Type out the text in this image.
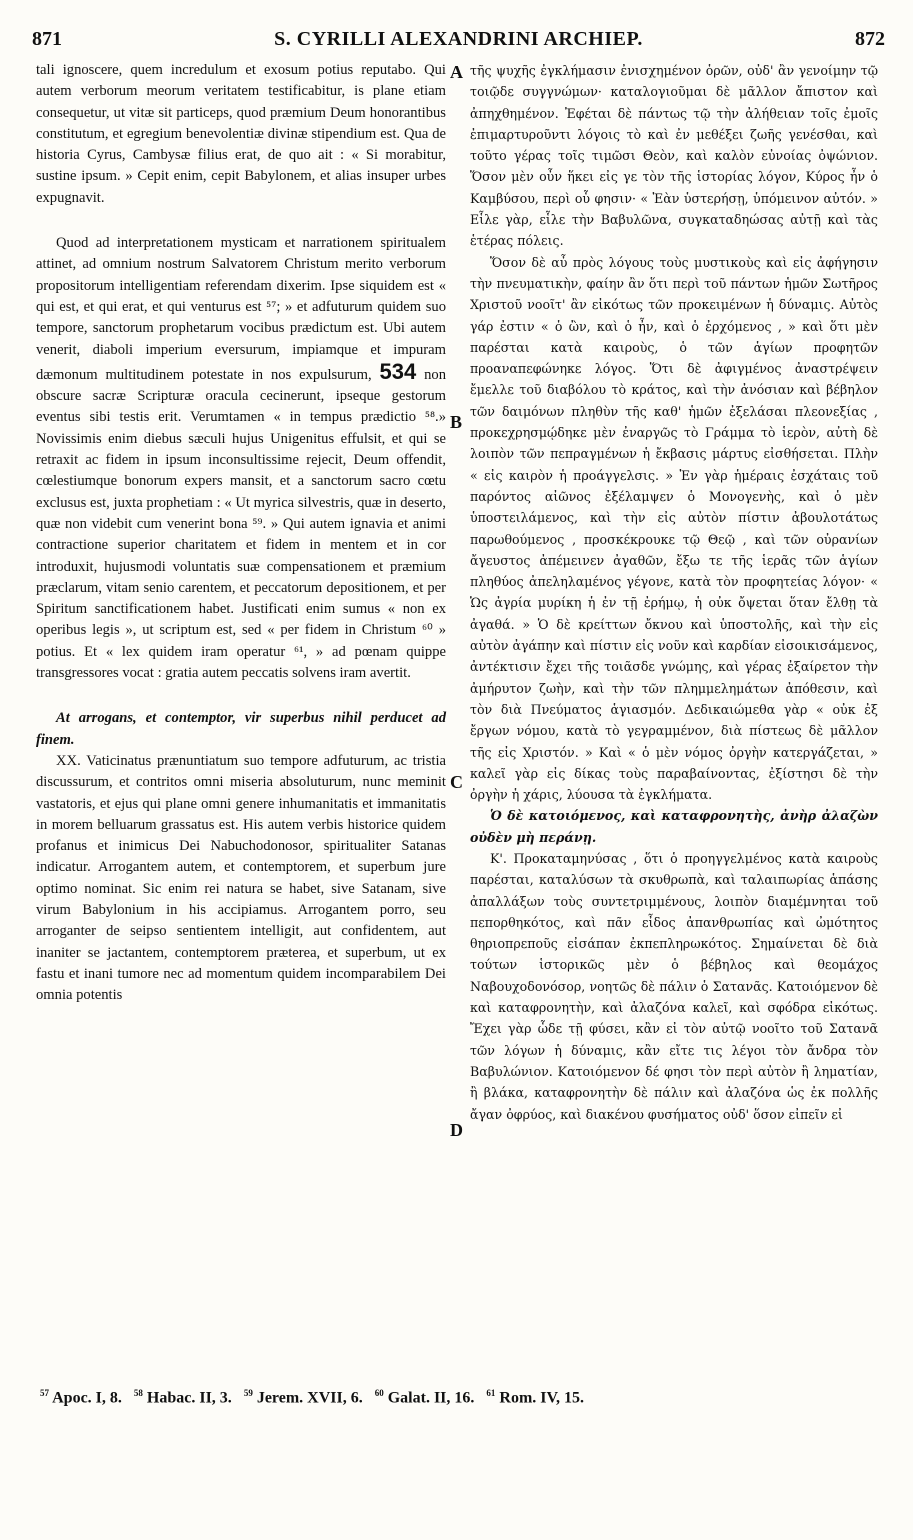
871	S. CYRILLI ALEXANDRINI ARCHIEP.	872
A
B
C
D

tali ignoscere, quem incredulum et exosum potius reputabo. Qui autem verborum meorum veritatem testificabitur, is plane etiam consequetur, ut vitæ sit particeps, quod præmium Deum honorantibus constitutum, et egregium benevolentiæ divinæ stipendium est. Qua de historia Cyrus, Cambysæ filius erat, de quo ait : « Si morabitur, sustine ipsum. » Cepit enim, cepit Babylonem, et alias insuper urbes expugnavit.

Quod ad interpretationem mysticam et narrationem spiritualem attinet, ad omnium nostrum Salvatorem Christum merito verborum propositorum intelligentiam referendam dixerim. Ipse siquidem est « qui est, et qui erat, et qui venturus est ⁵⁷; » et adfuturum quidem suo tempore, sanctorum prophetarum vocibus prædictum est. Ubi autem venerit, diaboli imperium eversurum, impiamque et impuram dæmonum multitudinem potestate in nos expulsurum, 534 non obscure sacræ Scripturæ oracula cecinerunt, ipseque gestorum eventus sibi testis erit. Verumtamen « in tempus prædictio ⁵⁸.» Novissimis enim diebus sæculi hujus Unigenitus effulsit, et qui se retraxit ac fidem in ipsum inconsultissime rejecit, Deum offendit, cœlestiumque bonorum expers mansit, et a sanctorum sacro cœtu exclusus est, juxta prophetiam : « Ut myrica silvestris, quæ in deserto, quæ non videbit cum venerint bona ⁵⁹. » Qui autem ignavia et animi contractione superior charitatem et fidem in mentem et in cor introduxit, hujusmodi voluntatis suæ compensationem et præmium præclarum, vitam senio carentem, et peccatorum depositionem, et per Spiritum sanctificationem habet. Justificati enim sumus « non ex operibus legis », ut scriptum est, sed « per fidem in Christum ⁶⁰ » potius. Et « lex quidem iram operatur ⁶¹, » ad pœnam quippe transgressores vocat : gratia autem peccatis solvens iram avertit.

At arrogans, et contemptor, vir superbus nihil perducet ad finem.

XX. Vaticinatus prænuntiatum suo tempore adfuturum, ac tristia discussurum, et contritos omni miseria absoluturum, nunc meminit vastatoris, et ejus qui plane omni genere inhumanitatis et immanitatis in morem belluarum grassatus est. His autem verbis historice quidem profanus et inimicus Dei Nabuchodonosor, spiritualiter Satanas indicatur. Arrogantem autem, et contemptorem, et superbum jure optimo nominat. Sic enim rei natura se habet, sive Satanam, sive virum Babylonium in his accipiamus. Arrogantem porro, seu arroganter de seipso sentientem intelligit, aut confidentem, aut inaniter se jactantem, contemptorem præterea, et superbum, ut ex fastu et inani tumore nec ad momentum quidem incomparabilem Dei omnia potentis

τῆς ψυχῆς ἐγκλήμασιν ἐνισχημένον ὁρῶν, οὐδ' ἂν γενοίμην τῷ τοιῷδε συγγνώμων· καταλογιοῦμαι δὲ μᾶλλον ἄπιστον καὶ ἀπηχθημένον. Ἐφέται δὲ πάντως τῷ τὴν ἀλήθειαν τοῖς ἐμοῖς ἐπιμαρτυροῦντι λόγοις τὸ καὶ ἐν μεθέξει ζωῆς γενέσθαι, καὶ τοῦτο γέρας τοῖς τιμῶσι Θεὸν, καὶ καλὸν εὐνοίας ὀψώνιον. Ὅσον μὲν οὖν ἥκει εἰς γε τὸν τῆς ἱστορίας λόγον, Κύρος ἦν ὁ Καμβύσου, περὶ οὗ φησιν· « Ἐὰν ὑστερήσῃ, ὑπόμεινον αὐτόν. » Εἷλε γὰρ, εἷλε τὴν Βαβυλῶνα, συγκαταδηώσας αὐτῇ καὶ τὰς ἑτέρας πόλεις.

Ὅσον δὲ αὖ πρὸς λόγους τοὺς μυστικοὺς καὶ εἰς ἀφήγησιν τὴν πνευματικὴν, φαίην ἂν ὅτι περὶ τοῦ πάντων ἡμῶν Σωτῆρος Χριστοῦ νοοῖτ' ἂν εἰκότως τῶν προκειμένων ἡ δύναμις. Αὐτὸς γάρ ἐστιν « ὁ ὢν, καὶ ὁ ἦν, καὶ ὁ ἐρχόμενος , » καὶ ὅτι μὲν παρέσται κατὰ καιροὺς, ὁ τῶν ἁγίων προφητῶν προαναπεφώνηκε λόγος. Ὅτι δὲ ἀφιγμένος ἀναστρέψειν ἔμελλε τοῦ διαβόλου τὸ κράτος, καὶ τὴν ἀνόσιαν καὶ βέβηλον τῶν δαιμόνων πληθὺν τῆς καθ' ἡμῶν ἐξελάσαι πλεονεξίας , προκεχρησμῴδηκε μὲν ἐναργῶς τὸ Γράμμα τὸ ἱερὸν, αὐτὴ δὲ λοιπὸν τῶν πεπραγμένων ἡ ἔκβασις μάρτυς εἰσθήσεται. Πλὴν « εἰς καιρὸν ἡ προάγγελσις. » Ἐν γὰρ ἡμέραις ἐσχάταις τοῦ παρόντος αἰῶνος ἐξέλαμψεν ὁ Μονογενὴς, καὶ ὁ μὲν ὑποστειλάμενος, καὶ τὴν εἰς αὐτὸν πίστιν ἀβουλοτάτως παρωθούμενος , προσκέκρουκε τῷ Θεῷ , καὶ τῶν οὐρανίων ἄγευστος ἀπέμεινεν ἀγαθῶν, ἔξω τε τῆς ἱερᾶς τῶν ἁγίων πληθύος ἀπεληλαμένος γέγονε, κατὰ τὸν προφητείας λόγον· « Ὡς ἀγρία μυρίκη ἡ ἐν τῇ ἐρήμῳ, ἡ οὐκ ὄψεται ὅταν ἔλθῃ τὰ ἀγαθά. » Ὁ δὲ κρείττων ὄκνου καὶ ὑποστολῆς, καὶ τὴν εἰς αὐτὸν ἀγάπην καὶ πίστιν εἰς νοῦν καὶ καρδίαν εἰσοικισάμενος, ἀντέκτισιν ἔχει τῆς τοιᾶσδε γνώμης, καὶ γέρας ἐξαίρετον τὴν ἀμήρυτον ζωὴν, καὶ τὴν τῶν πλημμελημάτων ἀπόθεσιν, καὶ τὸν διὰ Πνεύματος ἁγιασμόν. Δεδικαιώμεθα γὰρ « οὐκ ἐξ ἔργων νόμου, κατὰ τὸ γεγραμμένον, διὰ πίστεως δὲ μᾶλλον τῆς εἰς Χριστόν. » Καὶ « ὁ μὲν νόμος ὀργὴν κατεργάζεται, » καλεῖ γὰρ εἰς δίκας τοὺς παραβαίνοντας, ἐξίστησι δὲ τὴν ὀργὴν ἡ χάρις, λύουσα τὰ ἐγκλήματα.

Ὁ δὲ κατοιόμενος, καὶ καταφρονητὴς, ἀνὴρ ἀλαζὼν οὐδὲν μὴ περάνῃ.

Κ'. Προκαταμηνύσας , ὅτι ὁ προηγγελμένος κατὰ καιροὺς παρέσται, καταλύσων τὰ σκυθρωπὰ, καὶ ταλαιπωρίας ἁπάσης ἀπαλλάξων τοὺς συντετριμμένους, λοιπὸν διαμέμνηται τοῦ πεπορθηκότος, καὶ πᾶν εἶδος ἀπανθρωπίας καὶ ὠμότητος θηριοπρεποῦς εἰσάπαν ἐκπεπληρωκότος. Σημαίνεται δὲ διὰ τούτων ἱστορικῶς μὲν ὁ βέβηλος καὶ θεομάχος Ναβουχοδονόσορ, νοητῶς δὲ πάλιν ὁ Σατανᾶς. Κατοιόμενον δὲ καὶ καταφρονητὴν, καὶ ἀλαζόνα καλεῖ, καὶ σφόδρα εἰκότως. Ἔχει γὰρ ὧδε τῇ φύσει, κἂν εἰ τὸν αὐτῷ νοοῖτο τοῦ Σατανᾶ τῶν λόγων ἡ δύναμις, κἂν εἴτε τις λέγοι τὸν ἄνδρα τὸν Βαβυλώνιον. Κατοιόμενον δέ φησι τὸν περὶ αὐτὸν ἢ ληματίαν, ἢ βλάκα, καταφρονητὴν δὲ πάλιν καὶ ἀλαζόνα ὡς ἐκ πολλῆς ἄγαν ὀφρύος, καὶ διακένου φυσήματος οὐδ' ὅσον εἰπεῖν εἰ

$^{57}$ Apoc. I, 8. $^{58}$ Habac. II, 3. $^{59}$ Jerem. XVII, 6. $^{60}$ Galat. II, 16. $^{61}$ Rom. IV, 15.
